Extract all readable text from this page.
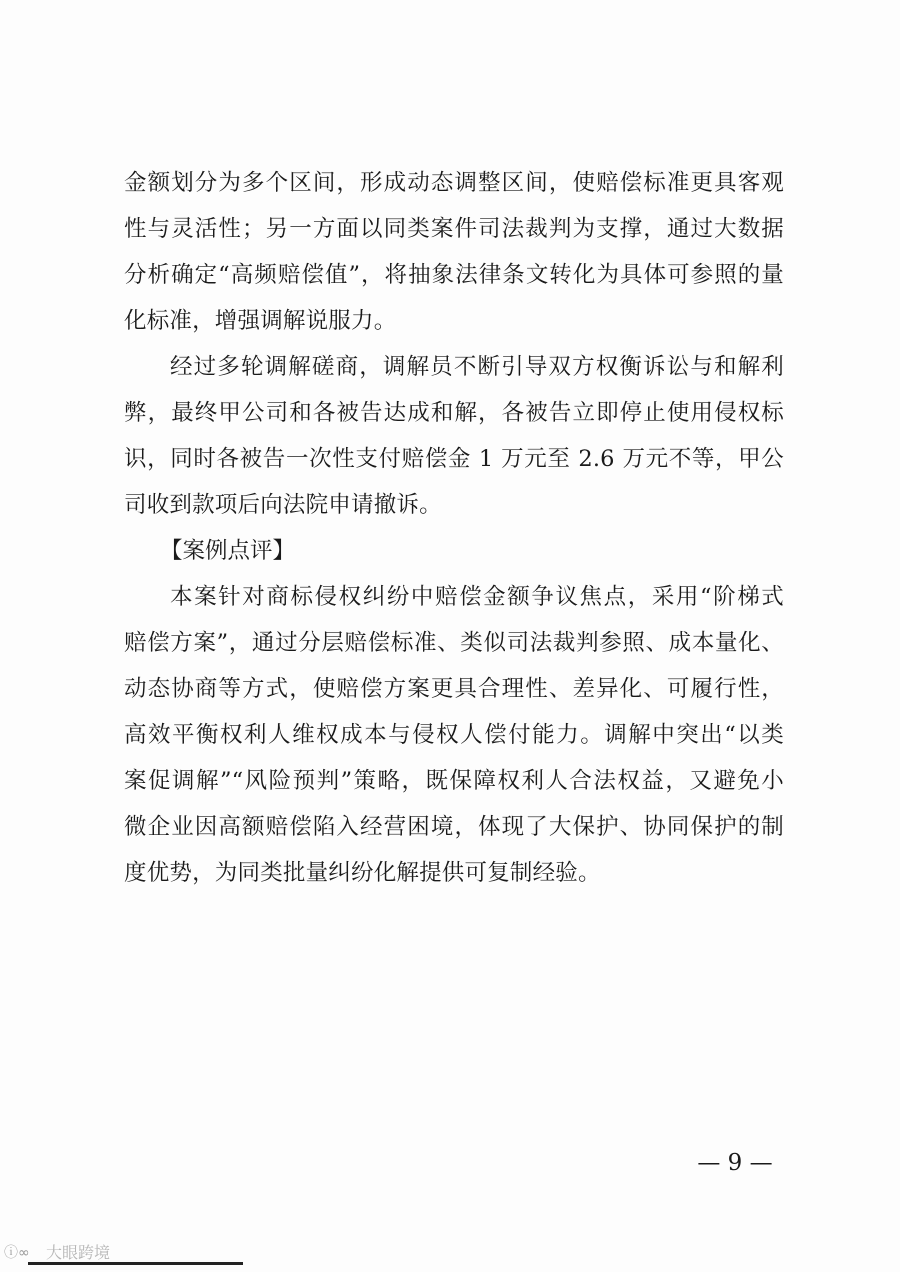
金额划分为多个区间，形成动态调整区间，使赔偿标准更具客观
性与灵活性；另一方面以同类案件司法裁判为支撑，通过大数据
分析确定“高频赔偿值”，将抽象法律条文转化为具体可参照的量
化标准，增强调解说服力。
经过多轮调解磋商，调解员不断引导双方权衡诉讼与和解利
弊，最终甲公司和各被告达成和解，各被告立即停止使用侵权标
识，同时各被告一次性支付赔偿金 1 万元至 2.6 万元不等，甲公
司收到款项后向法院申请撤诉。
【案例点评】
本案针对商标侵权纠纷中赔偿金额争议焦点，采用“阶梯式
赔偿方案”，通过分层赔偿标准、类似司法裁判参照、成本量化、
动态协商等方式，使赔偿方案更具合理性、差异化、可履行性，
高效平衡权利人维权成本与侵权人偿付能力。调解中突出“以类
案促调解”“风险预判”策略，既保障权利人合法权益，又避免小
微企业因高额赔偿陷入经营困境，体现了大保护、协同保护的制
度优势，为同类批量纠纷化解提供可复制经验。
— 9 —
ⓘ∞	大眼跨境
